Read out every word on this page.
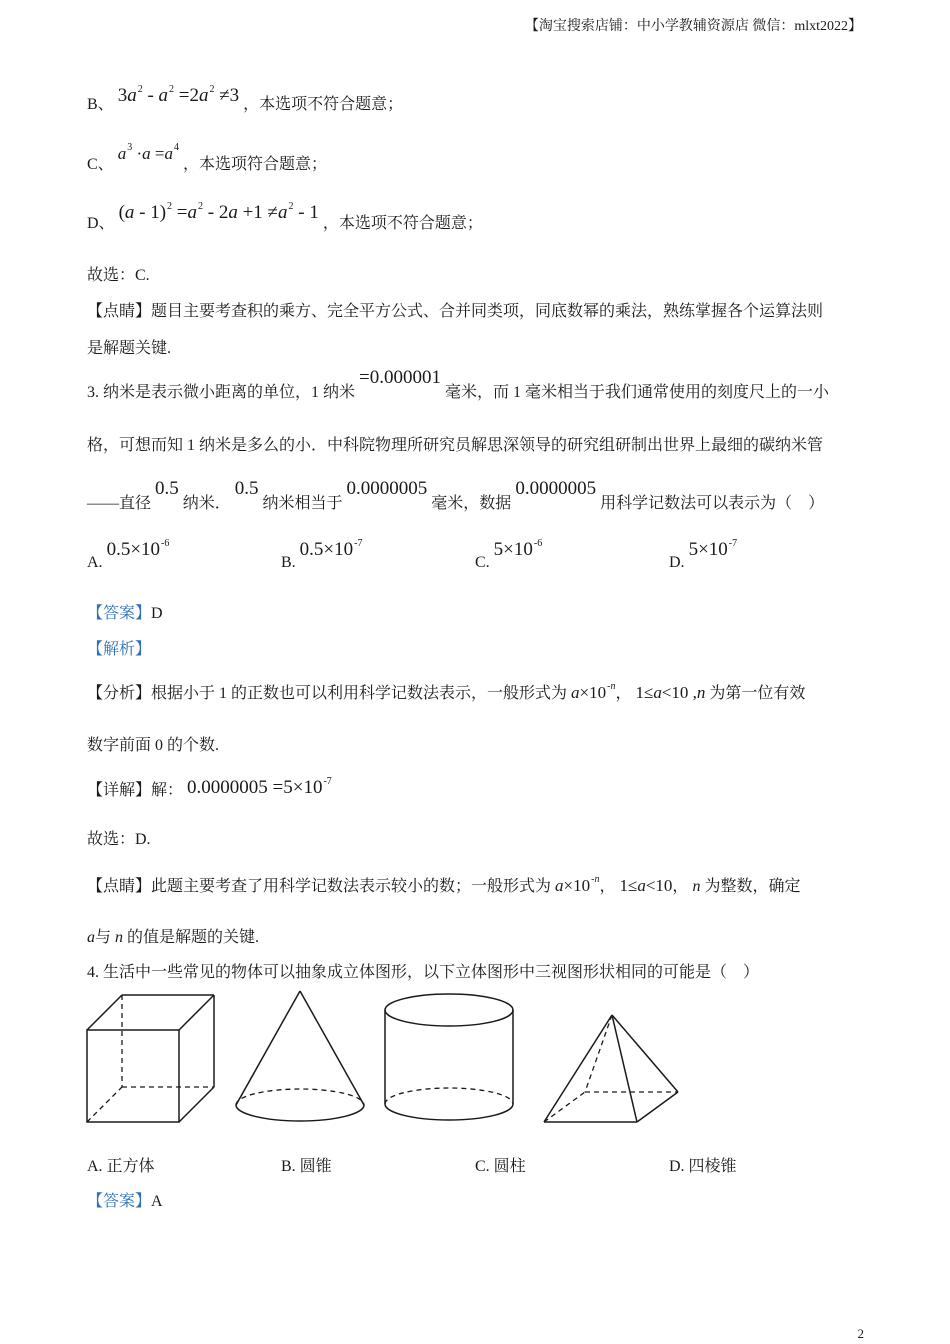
【淘宝搜索店铺：中小学教辅资源店 微信：mlxt2022】
B、 $3a^2 - a^2 =2a^2 \ne 3$ ，本选项不符合题意；
C、 $a^3 \cdot a =a^4$ ，本选项符合题意；
D、 $(a - 1)^2 =a^2 - 2a +1 \ne a^2 - 1$ ，本选项不符合题意；
故选：C.
【点睛】题目主要考查积的乘方、完全平方公式、合并同类项，同底数幂的乘法，熟练掌握各个运算法则
是解题关键.
3. 纳米是表示微小距离的单位，1 纳米 =0.000001 毫米，而 1 毫米相当于我们通常使用的刻度尺上的一小
格，可想而知 1 纳米是多么的小．中科院物理所研究员解思深领导的研究组研制出世界上最细的碳纳米管
——直径 0.5 纳米． 0.5 纳米相当于 0.0000005 毫米，数据 0.0000005 用科学记数法可以表示为（　）
A. $0.5\times 10^{-6}$
B. $0.5\times 10^{-7}$
C. $5\times 10^{-6}$
D. $5\times 10^{-7}$
【答案】D
【解析】
【分析】根据小于 1 的正数也可以利用科学记数法表示，一般形式为 $a\times 10^{-n}$， 1≤a<10 ,n 为第一位有效
数字前面 0 的个数.
【详解】解： $0.0000005 =5\times 10^{-7}$
故选：D.
【点睛】此题主要考查了用科学记数法表示较小的数；一般形式为 $a\times 10^{-n}$， 1≤a<10， n 为整数，确定
a与 n 的值是解题的关键.
4. 生活中一些常见的物体可以抽象成立体图形，以下立体图形中三视图形状相同的可能是（　）
A. 正方体	B. 圆锥	C. 圆柱	D. 四棱锥
【答案】A
2
